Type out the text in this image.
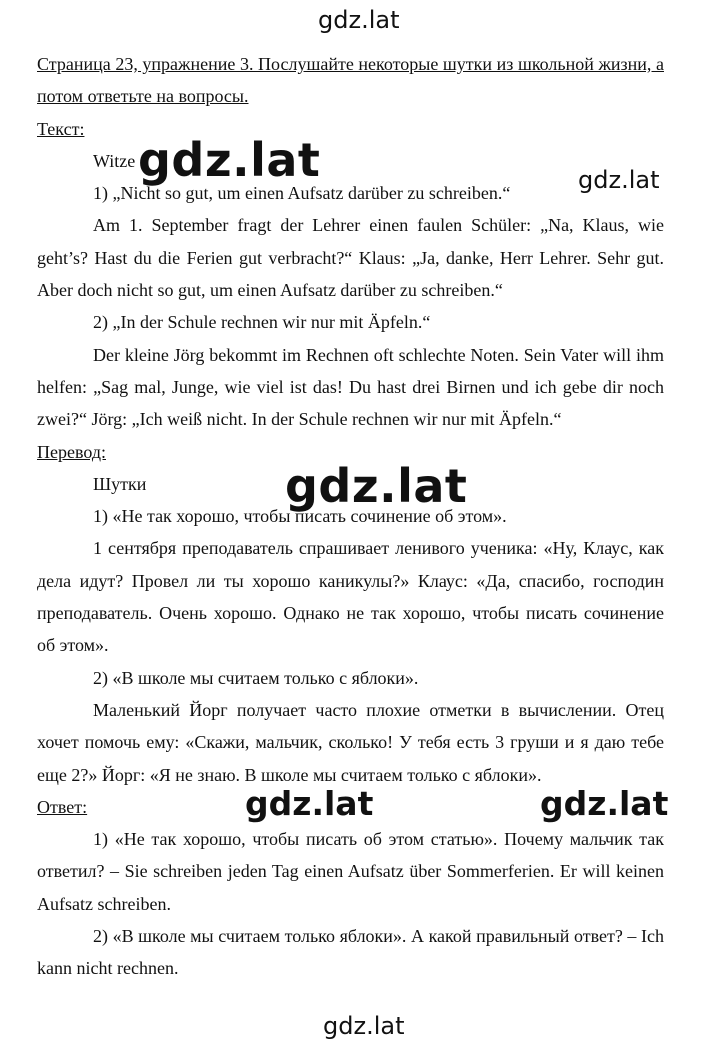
gdz.lat
gdz.lat	gdz.lat
gdz.lat
gdz.lat	gdz.lat
gdz.lat

Страница 23, упражнение 3. Послушайте некоторые шутки из школьной жизни, а потом ответьте на вопросы.

Текст:

Witze

1) „Nicht so gut, um einen Aufsatz darüber zu schreiben.“

Am 1. September fragt der Lehrer einen faulen Schüler: „Na, Klaus, wie geht’s? Hast du die Ferien gut verbracht?“ Klaus: „Ja, danke, Herr Lehrer. Sehr gut. Aber doch nicht so gut, um einen Aufsatz darüber zu schreiben.“

2) „In der Schule rechnen wir nur mit Äpfeln.“

Der kleine Jörg bekommt im Rechnen oft schlechte Noten. Sein Vater will ihm helfen: „Sag mal, Junge, wie viel ist das! Du hast drei Birnen und ich gebe dir noch zwei?“ Jörg: „Ich weiß nicht. In der Schule rechnen wir nur mit Äpfeln.“

Перевод:

Шутки

1) «Не так хорошо, чтобы писать сочинение об этом».

1 сентября преподаватель спрашивает ленивого ученика: «Ну, Клаус, как дела идут? Провел ли ты хорошо каникулы?» Клаус: «Да, спасибо, господин преподаватель. Очень хорошо. Однако не так хорошо, чтобы писать сочинение об этом».

2) «В школе мы считаем только с яблоки».

Маленький Йорг получает часто плохие отметки в вычислении. Отец хочет помочь ему: «Скажи, мальчик, сколько! У тебя есть 3 груши и я даю тебе еще 2?» Йорг: «Я не знаю. В школе мы считаем только с яблоки».

Ответ:

1) «Не так хорошо, чтобы писать об этом статью». Почему мальчик так ответил? – Sie schreiben jeden Tag einen Aufsatz über Sommerferien. Er will keinen Aufsatz schreiben.

2) «В школе мы считаем только яблоки». А какой правильный ответ? – Ich kann nicht rechnen.
